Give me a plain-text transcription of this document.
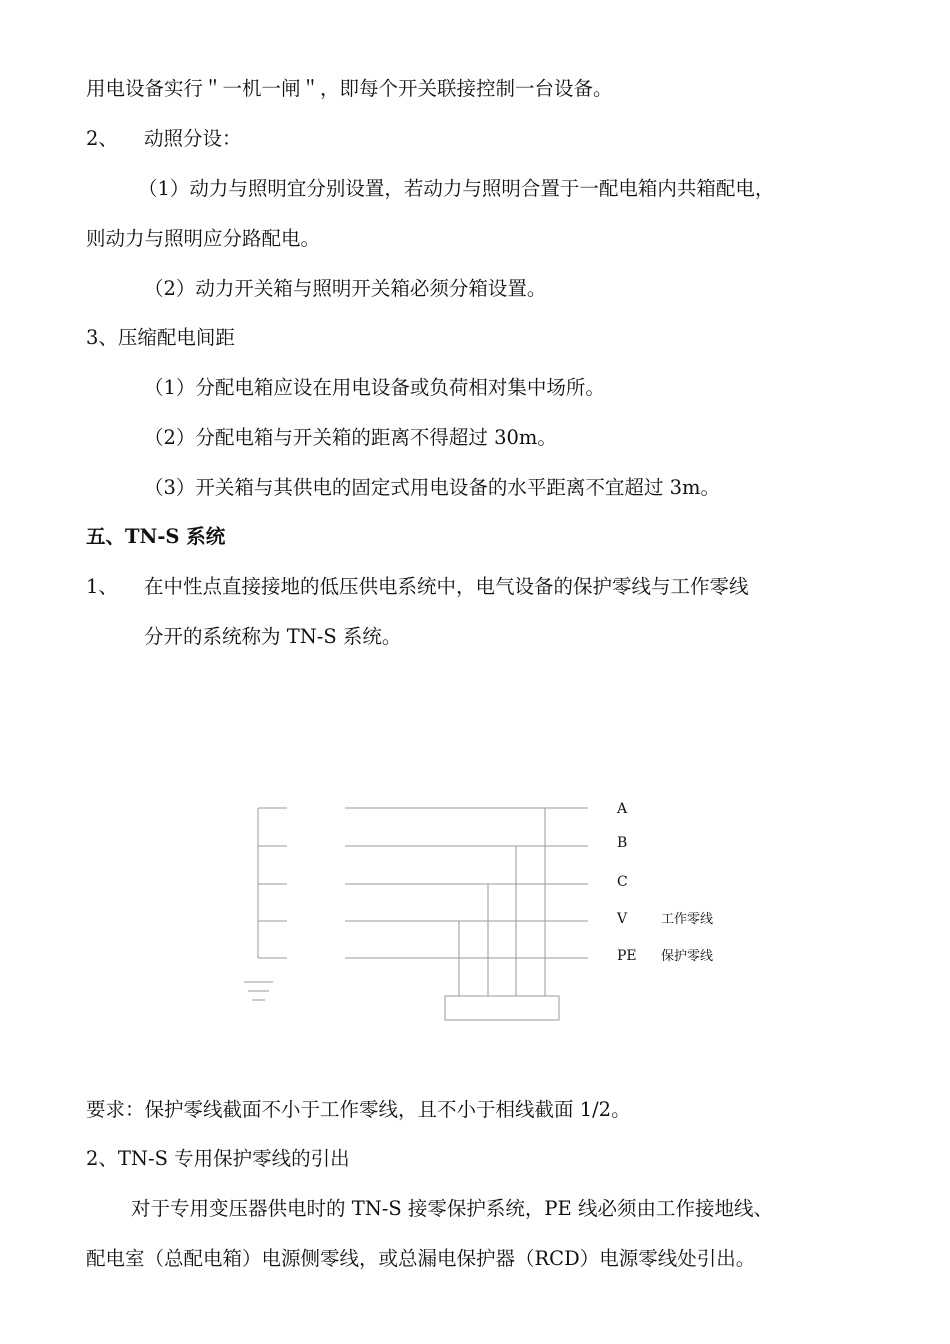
用电设备实行＂一机一闸＂，即每个开关联接控制一台设备。
2、 动照分设：
（1）动力与照明宜分别设置，若动力与照明合置于一配电箱内共箱配电，
则动力与照明应分路配电。
（2）动力开关箱与照明开关箱必须分箱设置。
3、压缩配电间距
（1）分配电箱应设在用电设备或负荷相对集中场所。
（2）分配电箱与开关箱的距离不得超过 30m。
（3）开关箱与其供电的固定式用电设备的水平距离不宜超过 3m。
五、TN-S 系统
1、 在中性点直接接地的低压供电系统中，电气设备的保护零线与工作零线
分开的系统称为 TN-S 系统。
A
B
C
V
PE
工作零线
保护零线
要求：保护零线截面不小于工作零线，且不小于相线截面 1/2。
2、TN-S 专用保护零线的引出
对于专用变压器供电时的 TN-S 接零保护系统，PE 线必须由工作接地线、
配电室（总配电箱）电源侧零线，或总漏电保护器（RCD）电源零线处引出。
